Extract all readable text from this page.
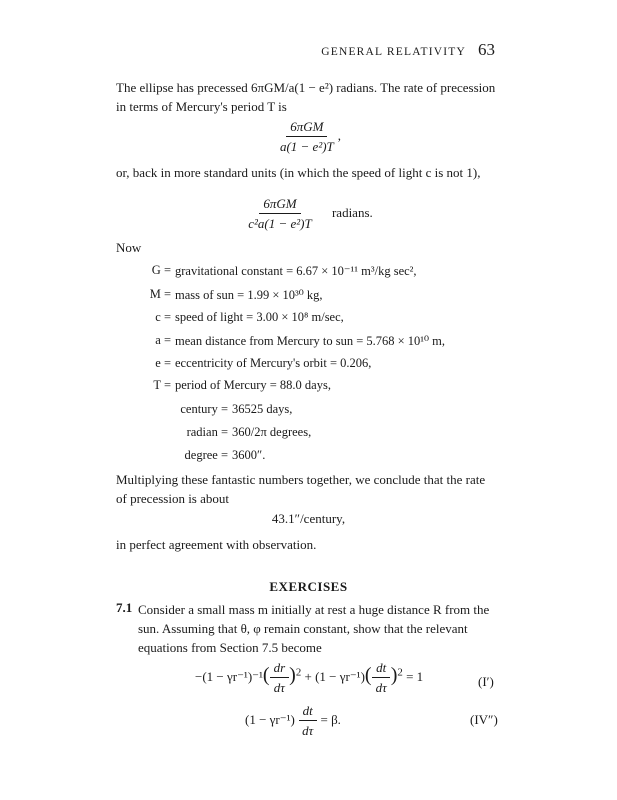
GENERAL RELATIVITY 63
The ellipse has precessed 6πGM/a(1 − e²) radians. The rate of precession in terms of Mercury's period T is
$\frac{\text{6πGM}}{\text{a(1 − e²)T}}$ ,
or, back in more standard units (in which the speed of light c is not 1),
$\frac{\text{6πGM}}{\text{c²a(1 − e²)T}}$ radians.
Now
G = gravitational constant = 6.67 × 10⁻¹¹ m³/kg sec²,
M = mass of sun = 1.99 × 10³⁰ kg,
c = speed of light = 3.00 × 10⁸ m/sec,
a = mean distance from Mercury to sun = 5.768 × 10¹⁰ m,
e = eccentricity of Mercury's orbit = 0.206,
T = period of Mercury = 88.0 days,
century = 36525 days,
radian = 360/2π degrees,
degree = 3600″.
Multiplying these fantastic numbers together, we conclude that the rate of precession is about
43.1″/century,
in perfect agreement with observation.
EXERCISES
7.1 Consider a small mass m initially at rest a huge distance R from the sun. Assuming that θ, φ remain constant, show that the relevant equations from Section 7.5 become
$-(1 - \gamma r^{-1})^{-1}( \frac{dr}{d\tau} )^2 + (1 - \gamma r^{-1})( \frac{dt}{d\tau} )^2 = 1$	(I′)
$(1 - \gamma r^{-1}) \frac{dt}{d\tau} = \beta$.	(IV″)
